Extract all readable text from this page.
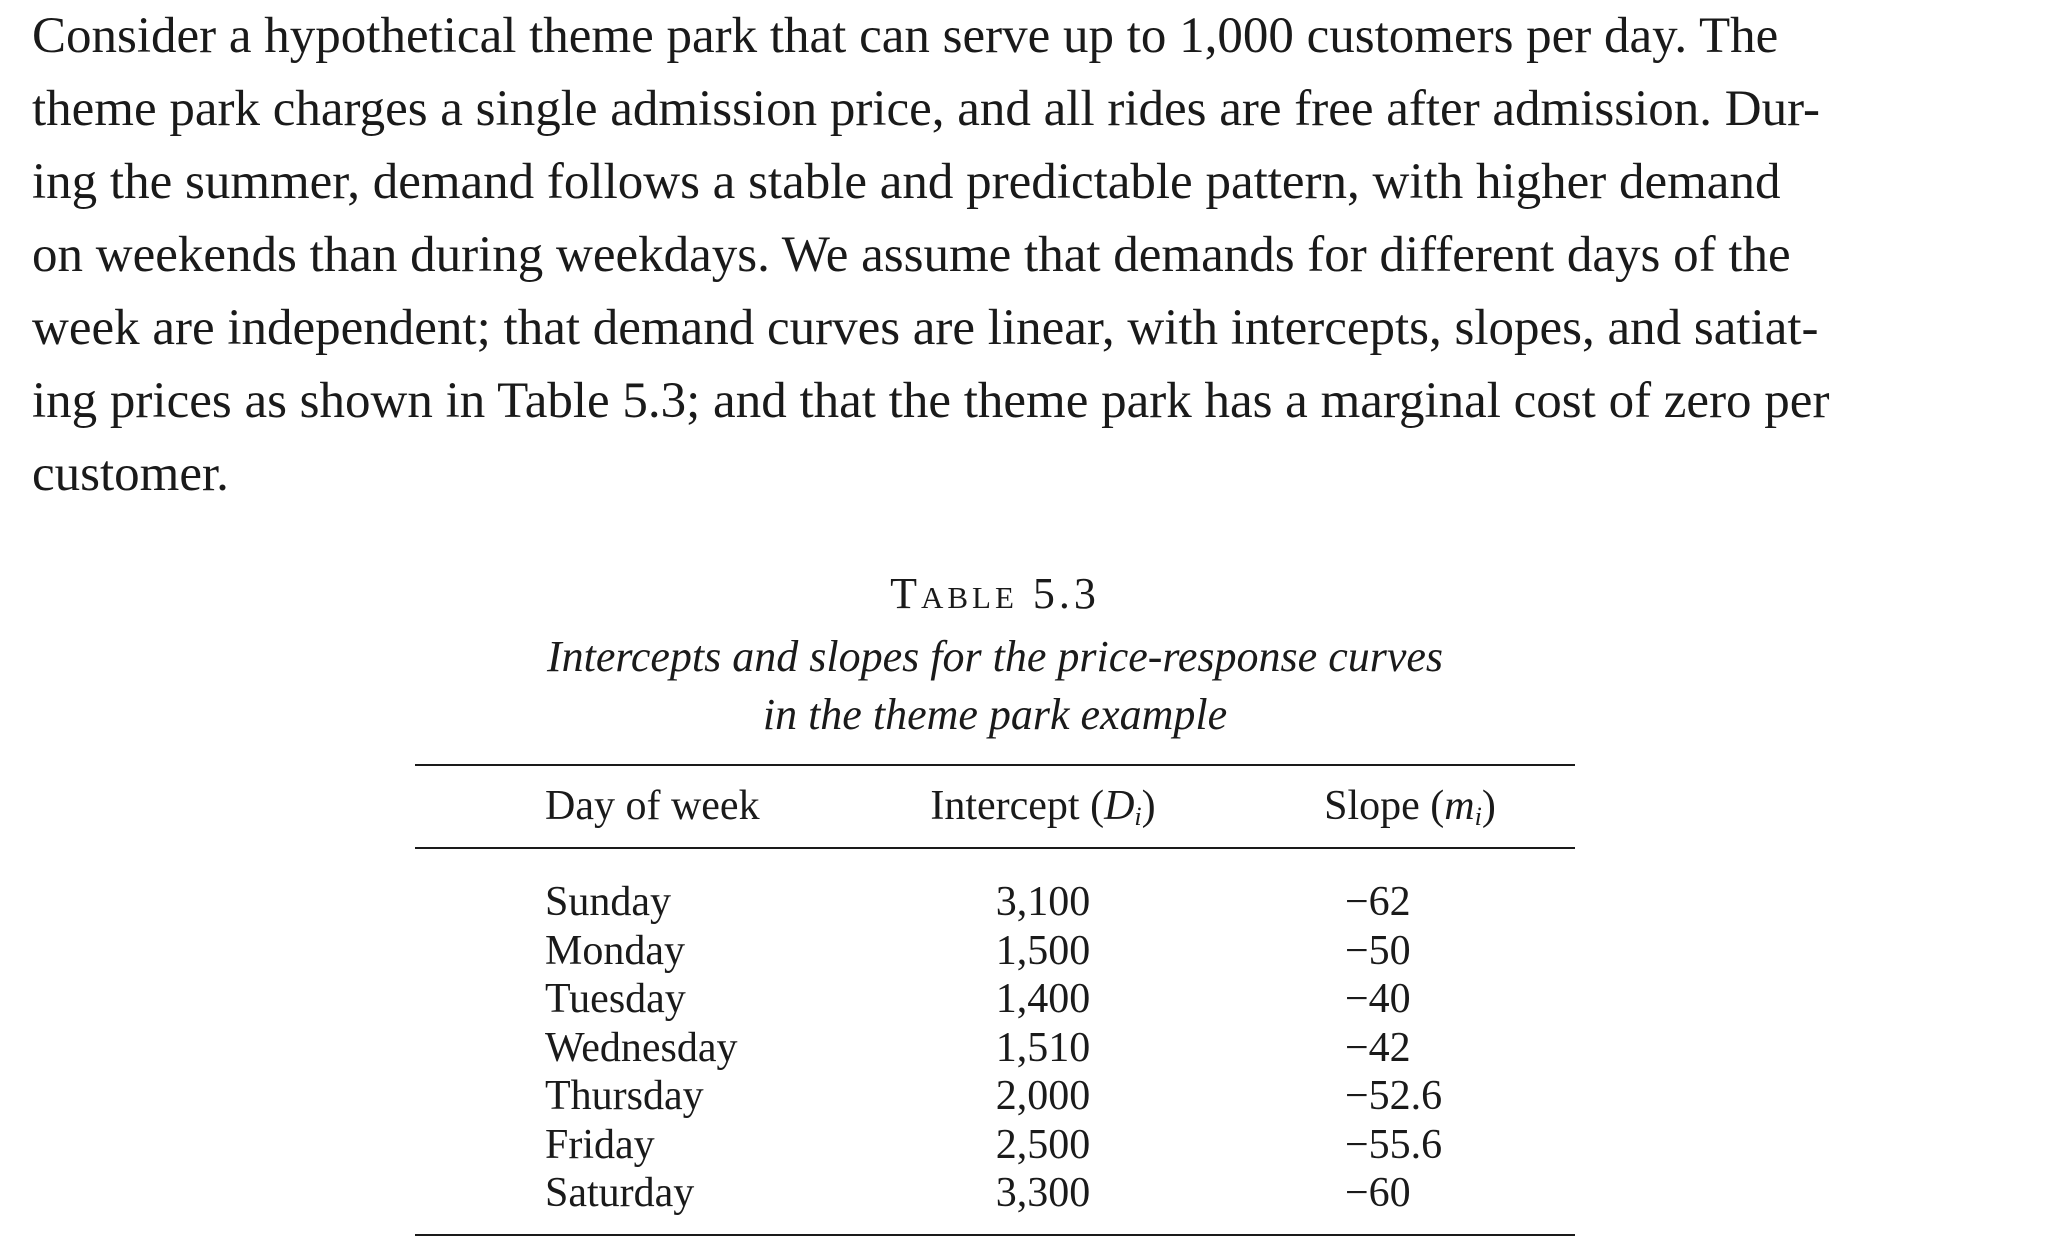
Consider a hypothetical theme park that can serve up to 1,000 customers per day. The
theme park charges a single admission price, and all rides are free after admission. Dur-
ing the summer, demand follows a stable and predictable pattern, with higher demand
on weekends than during weekdays. We assume that demands for different days of the
week are independent; that demand curves are linear, with intercepts, slopes, and satiat-
ing prices as shown in Table 5.3; and that the theme park has a marginal cost of zero per
customer.
Table 5.3
Intercepts and slopes for the price-response curves
in the theme park example
Day of week	Intercept $(D_i)$	Slope $(m_i)$
Sunday	3,100	−62
Monday	1,500	−50
Tuesday	1,400	−40
Wednesday	1,510	−42
Thursday	2,000	−52.6
Friday	2,500	−55.6
Saturday	3,300	−60
